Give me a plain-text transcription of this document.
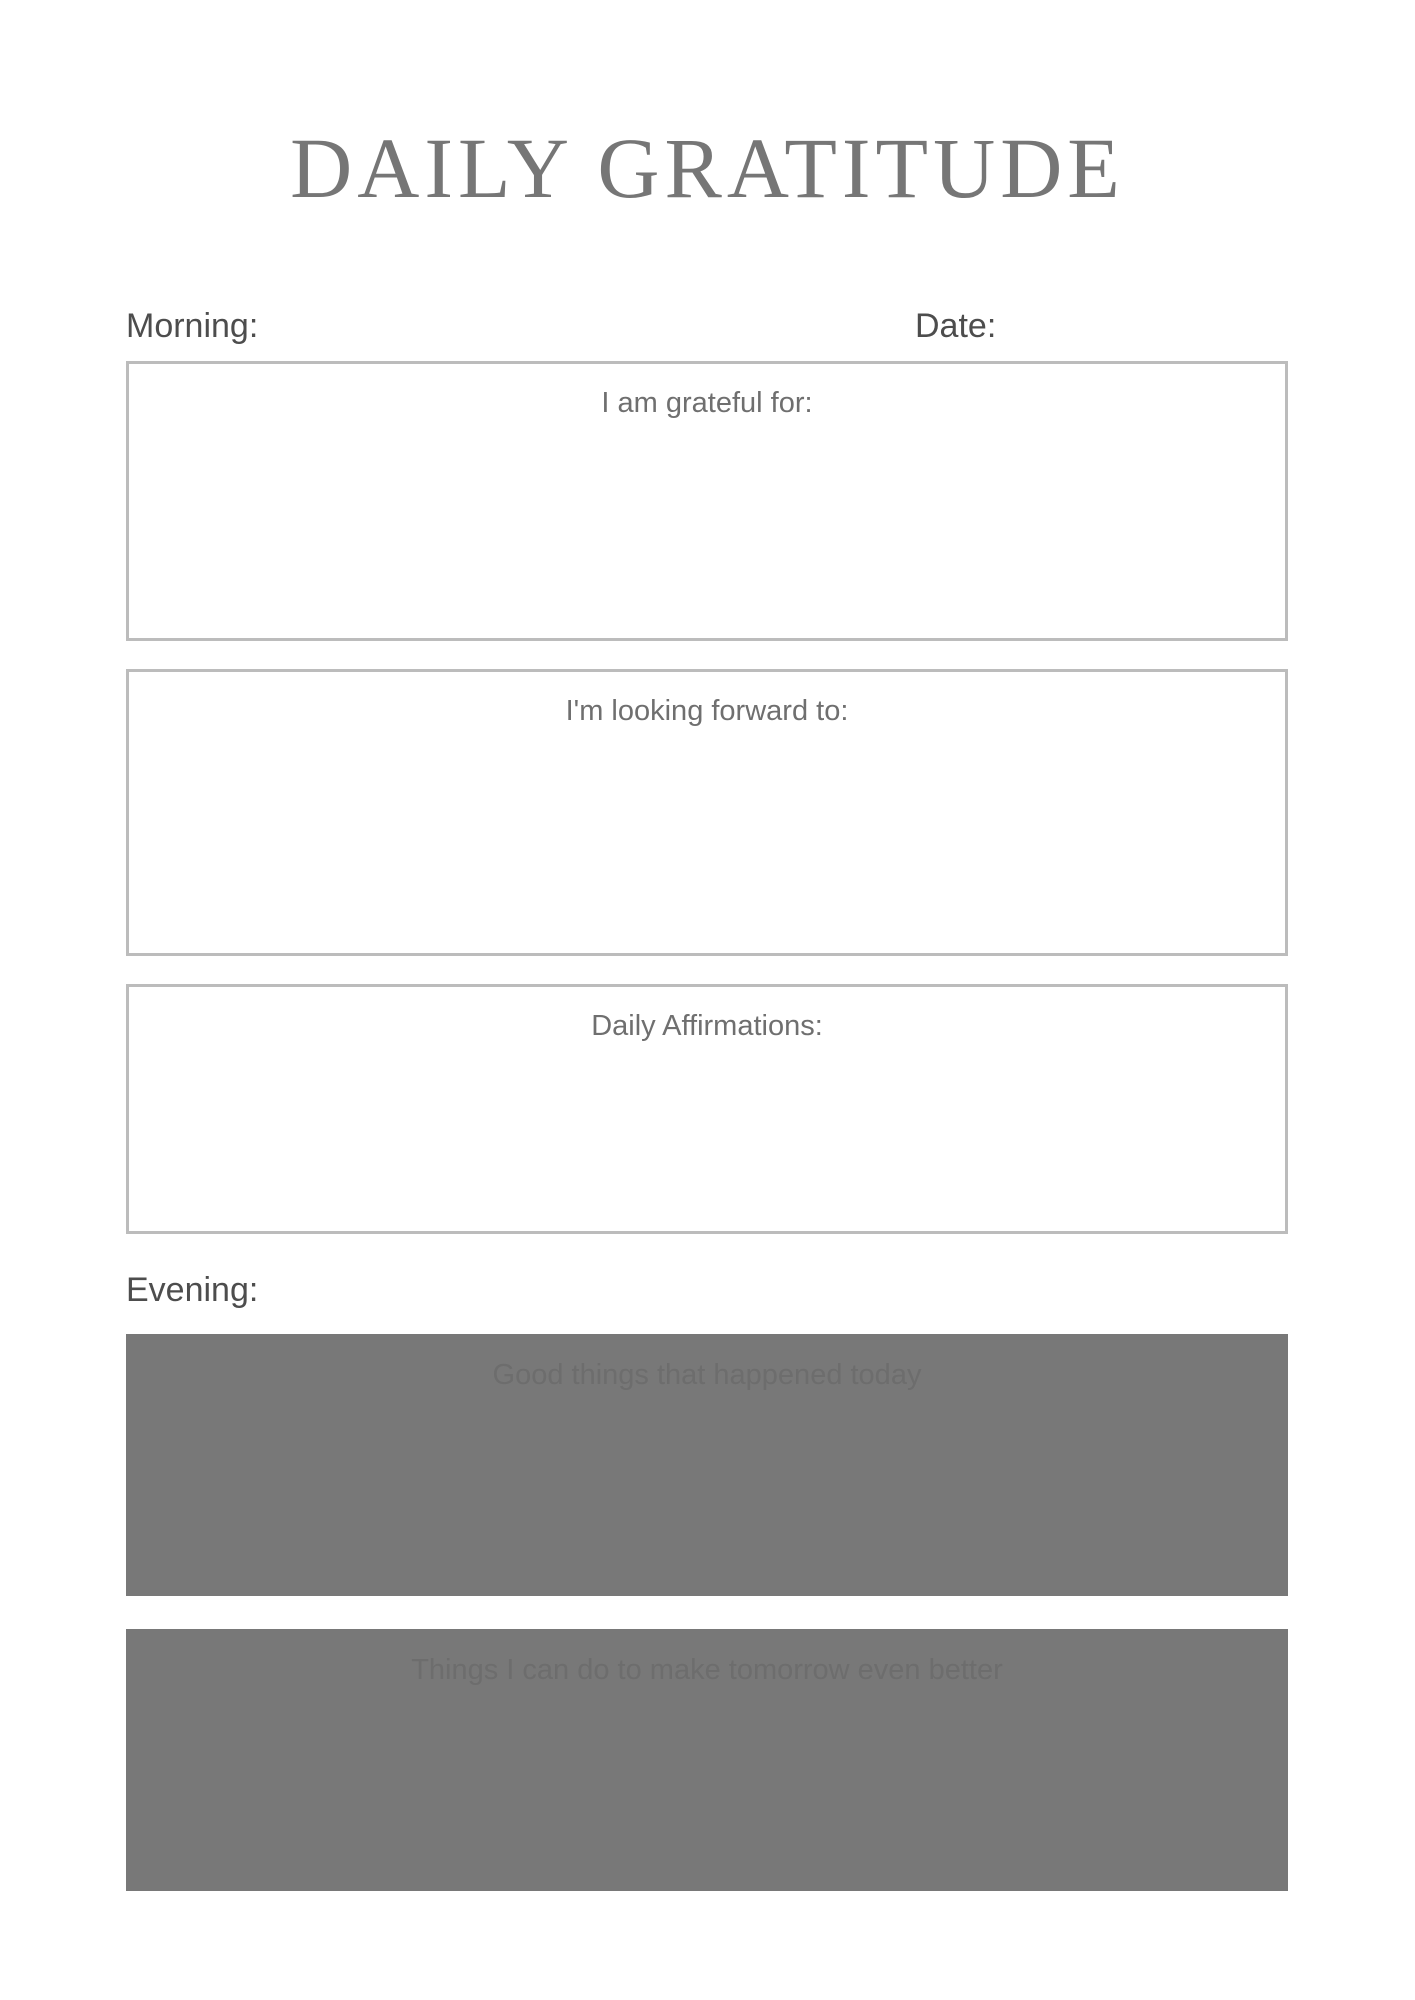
DAILY GRATITUDE
Morning:	Date:
I am grateful for:
I'm looking forward to:
Daily Affirmations:
Evening:
Good things that happened today
Things I can do to make tomorrow even better
